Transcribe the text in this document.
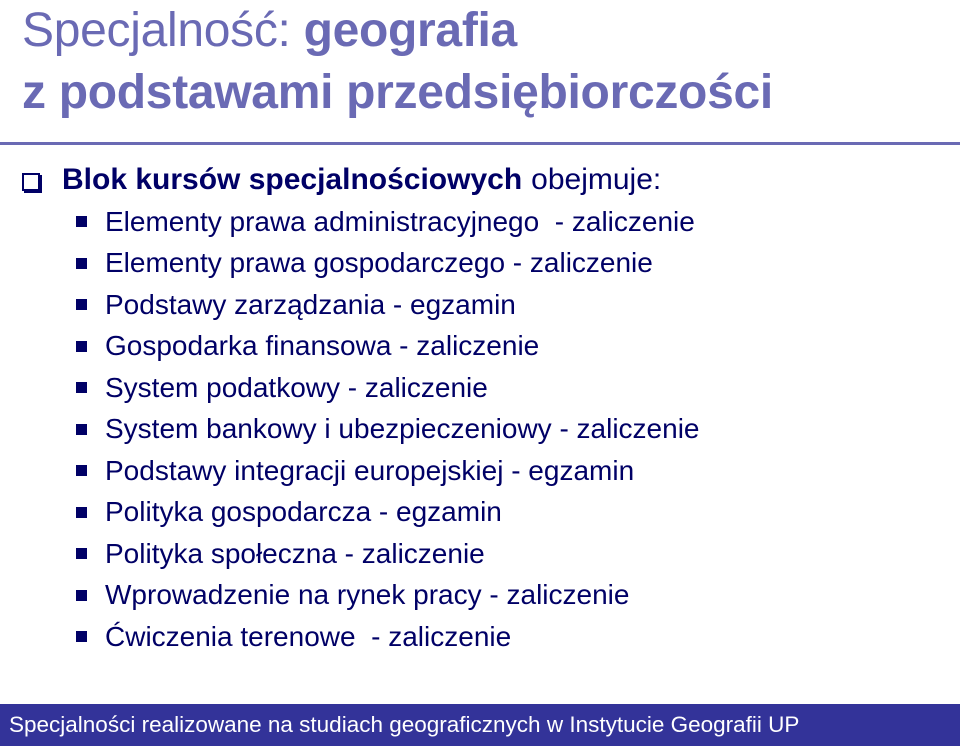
Specjalność: geografia
z podstawami przedsiębiorczości
Blok kursów specjalnościowych obejmuje:
Elementy prawa administracyjnego  - zaliczenie
Elementy prawa gospodarczego - zaliczenie
Podstawy zarządzania - egzamin
Gospodarka finansowa - zaliczenie
System podatkowy - zaliczenie
System bankowy i ubezpieczeniowy - zaliczenie
Podstawy integracji europejskiej - egzamin
Polityka gospodarcza - egzamin
Polityka społeczna - zaliczenie
Wprowadzenie na rynek pracy - zaliczenie
Ćwiczenia terenowe  - zaliczenie
Specjalności realizowane na studiach geograficznych w Instytucie Geografii UP
